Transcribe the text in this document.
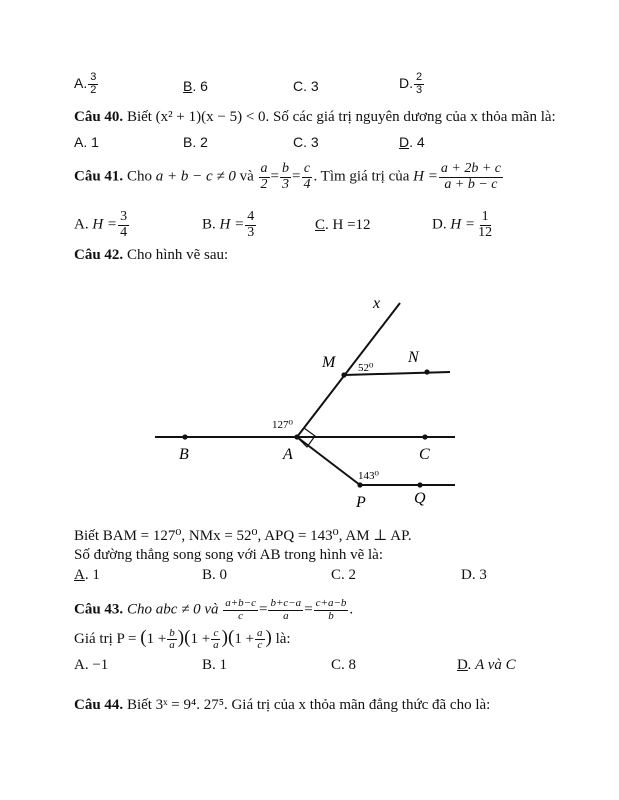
A. $\frac{3}{2}$	B. 6	C. 3	D. $\frac{2}{3}$
Câu 40. Biết (x² + 1)(x − 5) < 0. Số các giá trị nguyên dương của x thỏa mãn là:
A. 1	B. 2	C. 3	D. 4
Câu 41. Cho a + b − c ≠ 0 và $\frac{a}{2} = \frac{b}{3} = \frac{c}{4}$ . Tìm giá trị của $H = \frac{a + 2b + c}{a + b - c}$
A. $H = \frac{3}{4}$	B. $H = \frac{4}{3}$	C. H =12	D. $H = \frac{1}{12}$
Câu 42. Cho hình vẽ sau:
x
M	N
52⁰
127⁰
B	A	C
143⁰
P	Q
Biết BAM = 127⁰, NMx = 52⁰, APQ = 143⁰, AM ⊥ AP.
Số đường thẳng song song với AB trong hình vẽ là:
A. 1	B. 0	C. 2	D. 3
Câu 43. Cho abc ≠ 0 và $\frac{a+b-c}{c} = \frac{b+c-a}{a} = \frac{c+a-b}{b}$ .
Giá trị $P = (1 + \frac{b}{a} )(1 + \frac{c}{a} )(1 + \frac{a}{c}$ ) là:
A. −1	B. 1	C. 8	D. A và C
Câu 44. Biết 3ˣ = 9⁴. 27⁵. Giá trị của x thỏa mãn đẳng thức đã cho là:
